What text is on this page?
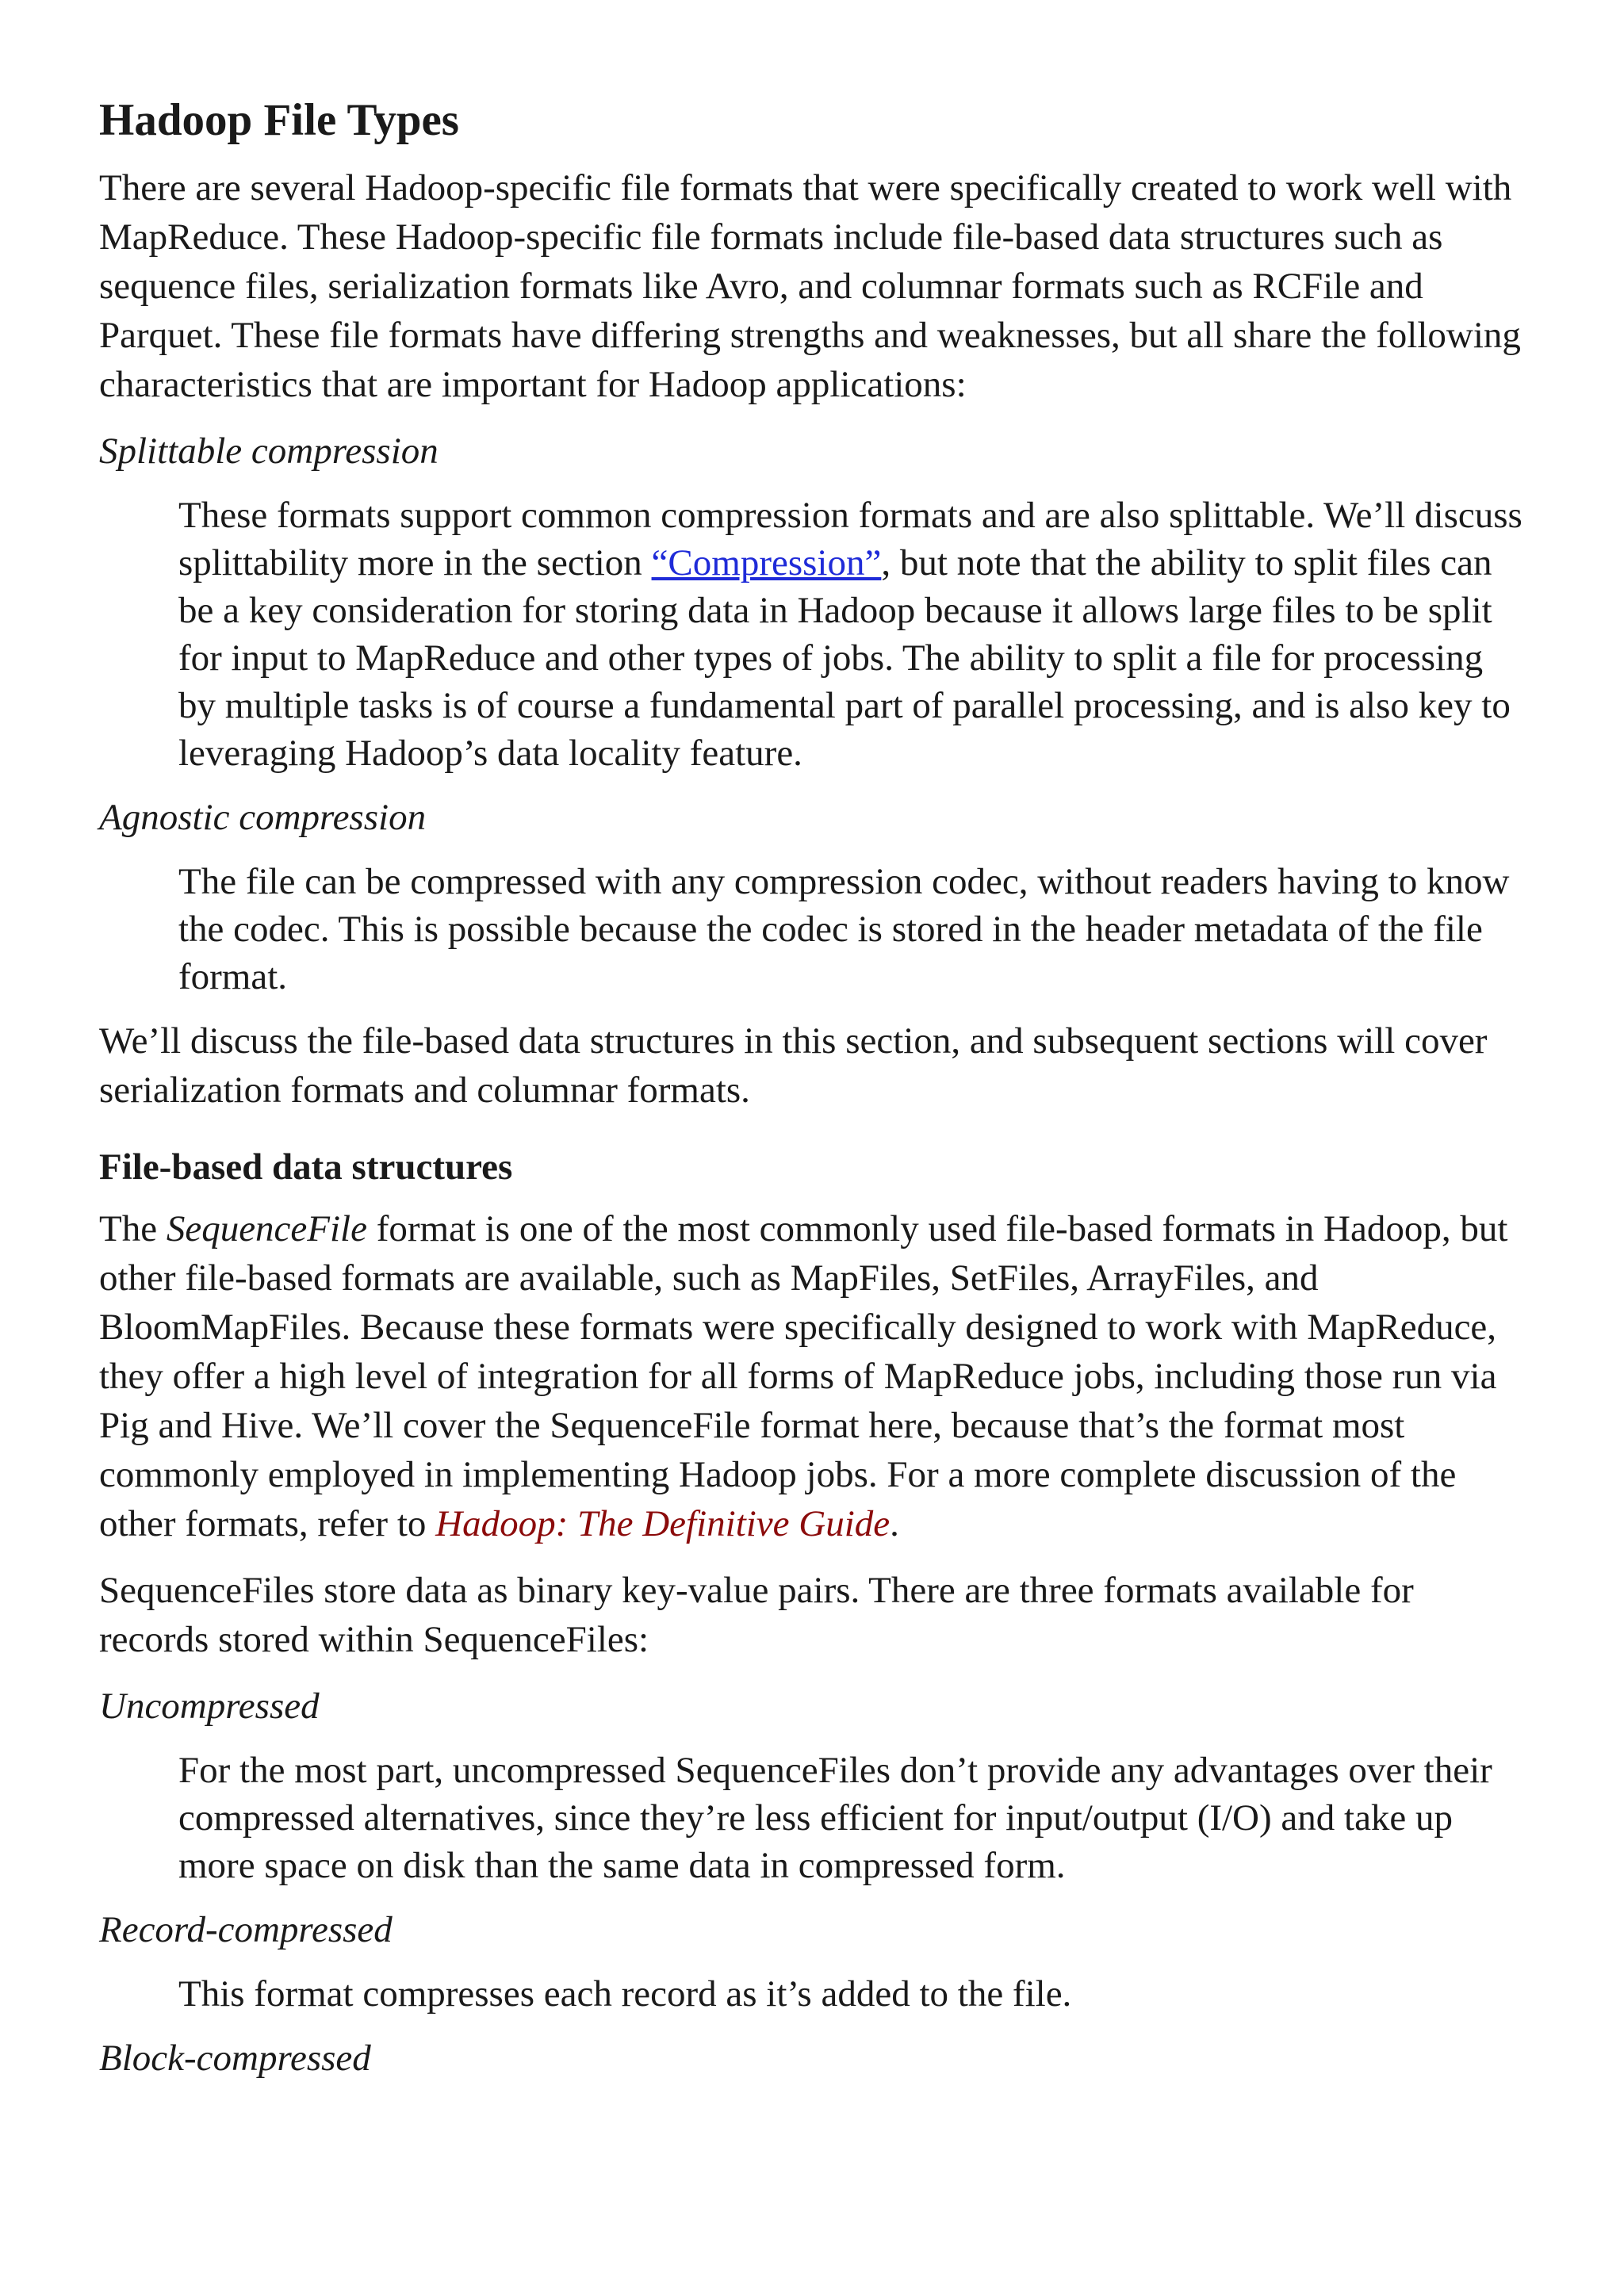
Hadoop File Types

There are several Hadoop-specific file formats that were specifically created to work well with MapReduce. These Hadoop-specific file formats include file-based data structures such as sequence files, serialization formats like Avro, and columnar formats such as RCFile and Parquet. These file formats have differing strengths and weaknesses, but all share the following characteristics that are important for Hadoop applications:

Splittable compression

These formats support common compression formats and are also splittable. We’ll discuss splittability more in the section “Compression”, but note that the ability to split files can be a key consideration for storing data in Hadoop because it allows large files to be split for input to MapReduce and other types of jobs. The ability to split a file for processing by multiple tasks is of course a fundamental part of parallel processing, and is also key to leveraging Hadoop’s data locality feature.

Agnostic compression

The file can be compressed with any compression codec, without readers having to know the codec. This is possible because the codec is stored in the header metadata of the file format.

We’ll discuss the file-based data structures in this section, and subsequent sections will cover serialization formats and columnar formats.

File-based data structures

The SequenceFile format is one of the most commonly used file-based formats in Hadoop, but other file-based formats are available, such as MapFiles, SetFiles, ArrayFiles, and BloomMapFiles. Because these formats were specifically designed to work with MapReduce, they offer a high level of integration for all forms of MapReduce jobs, including those run via Pig and Hive. We’ll cover the SequenceFile format here, because that’s the format most commonly employed in implementing Hadoop jobs. For a more complete discussion of the other formats, refer to Hadoop: The Definitive Guide.

SequenceFiles store data as binary key-value pairs. There are three formats available for records stored within SequenceFiles:

Uncompressed

For the most part, uncompressed SequenceFiles don’t provide any advantages over their compressed alternatives, since they’re less efficient for input/output (I/O) and take up more space on disk than the same data in compressed form.

Record-compressed

This format compresses each record as it’s added to the file.

Block-compressed
